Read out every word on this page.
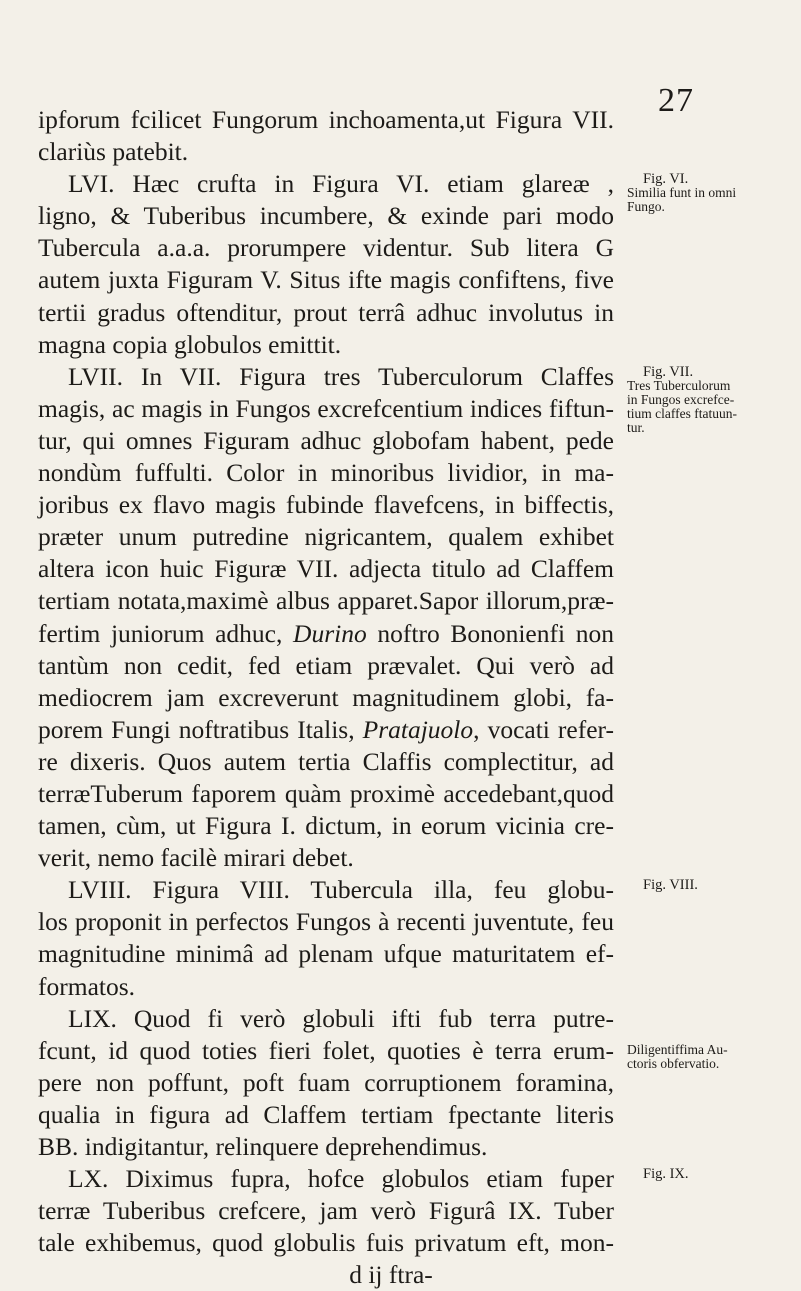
27
ipforum fcilicet Fungorum inchoamenta,ut Figura VII.
clariùs patebit.
LVI. Hæc crufta in Figura VI. etiam glareæ ,
ligno, & Tuberibus incumbere, & exinde pari modo
Tubercula a.a.a. prorumpere videntur. Sub litera G
autem juxta Figuram V. Situs ifte magis confiftens, five
tertii gradus oftenditur, prout terrâ adhuc involutus in
magna copia globulos emittit.
LVII. In VII. Figura tres Tuberculorum Claffes
magis, ac magis in Fungos excrefcentium indices fiftun-
tur, qui omnes Figuram adhuc globofam habent, pede
nondùm fuffulti. Color in minoribus lividior, in ma-
joribus ex flavo magis fubinde flavefcens, in biffectis,
præter unum putredine nigricantem, qualem exhibet
altera icon huic Figuræ VII. adjecta titulo ad Claffem
tertiam notata,maximè albus apparet.Sapor illorum,præ-
fertim juniorum adhuc, Durino noftro Bononienfi non
tantùm non cedit, fed etiam prævalet. Qui verò ad
mediocrem jam excreverunt magnitudinem globi, fa-
porem Fungi noftratibus Italis, Pratajuolo, vocati refer-
re dixeris. Quos autem tertia Claffis complectitur, ad
terræTuberum faporem quàm proximè accedebant,quod
tamen, cùm, ut Figura I. dictum, in eorum vicinia cre-
verit, nemo facilè mirari debet.
LVIII. Figura VIII. Tubercula illa, feu globu-
los proponit in perfectos Fungos à recenti juventute, feu
magnitudine minimâ ad plenam ufque maturitatem ef-
formatos.
LIX. Quod fi verò globuli ifti fub terra putre-
fcunt, id quod toties fieri folet, quoties è terra erum-
pere non poffunt, poft fuam corruptionem foramina,
qualia in figura ad Claffem tertiam fpectante literis
BB. indigitantur, relinquere deprehendimus.
LX. Diximus fupra, hofce globulos etiam fuper
terræ Tuberibus crefcere, jam verò Figurâ IX. Tuber
tale exhibemus, quod globulis fuis privatum eft, mon-
d ij ftra-
Fig. VI.
Similia funt in omni
Fungo.
Fig. VII.
Tres Tuberculorum
in Fungos excrefce-
tium claffes ftatuun-
tur.
Fig. VIII.
Diligentiffima Au-
ctoris obfervatio.
Fig. IX.
